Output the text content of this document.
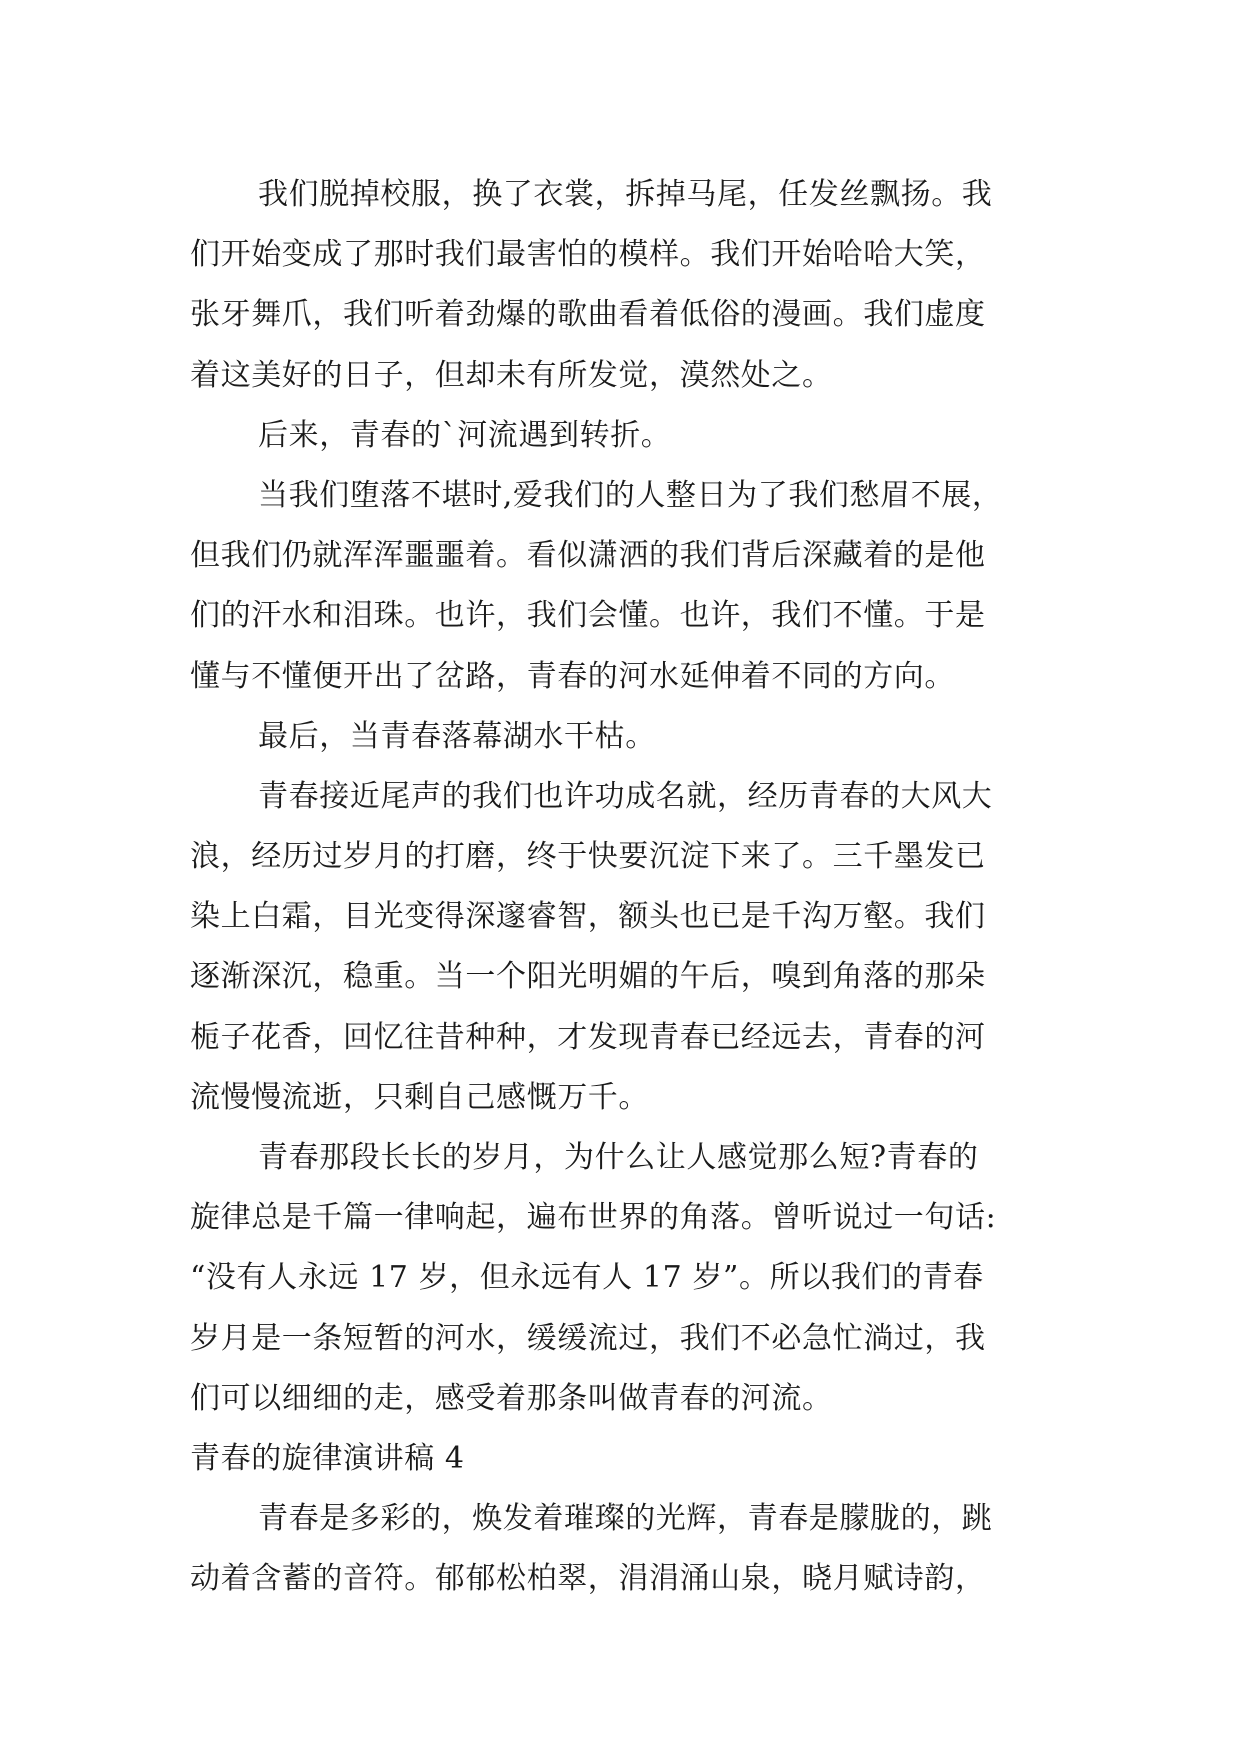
我们脱掉校服，换了衣裳，拆掉马尾，任发丝飘扬。我
们开始变成了那时我们最害怕的模样。我们开始哈哈大笑，
张牙舞爪，我们听着劲爆的歌曲看着低俗的漫画。我们虚度
着这美好的日子，但却未有所发觉，漠然处之。
后来，青春的`河流遇到转折。
当我们堕落不堪时,爱我们的人整日为了我们愁眉不展，
但我们仍就浑浑噩噩着。看似潇洒的我们背后深藏着的是他
们的汗水和泪珠。也许，我们会懂。也许，我们不懂。于是
懂与不懂便开出了岔路，青春的河水延伸着不同的方向。
最后，当青春落幕湖水干枯。
青春接近尾声的我们也许功成名就，经历青春的大风大
浪，经历过岁月的打磨，终于快要沉淀下来了。三千墨发已
染上白霜，目光变得深邃睿智，额头也已是千沟万壑。我们
逐渐深沉，稳重。当一个阳光明媚的午后，嗅到角落的那朵
栀子花香，回忆往昔种种，才发现青春已经远去，青春的河
流慢慢流逝，只剩自己感慨万千。
青春那段长长的岁月，为什么让人感觉那么短?青春的
旋律总是千篇一律响起，遍布世界的角落。曾听说过一句话:
“没有人永远 17 岁，但永远有人 17 岁”。所以我们的青春
岁月是一条短暂的河水，缓缓流过，我们不必急忙淌过，我
们可以细细的走，感受着那条叫做青春的河流。
青春的旋律演讲稿 4
青春是多彩的，焕发着璀璨的光辉，青春是朦胧的，跳
动着含蓄的音符。郁郁松柏翠，涓涓涌山泉，晓月赋诗韵，
